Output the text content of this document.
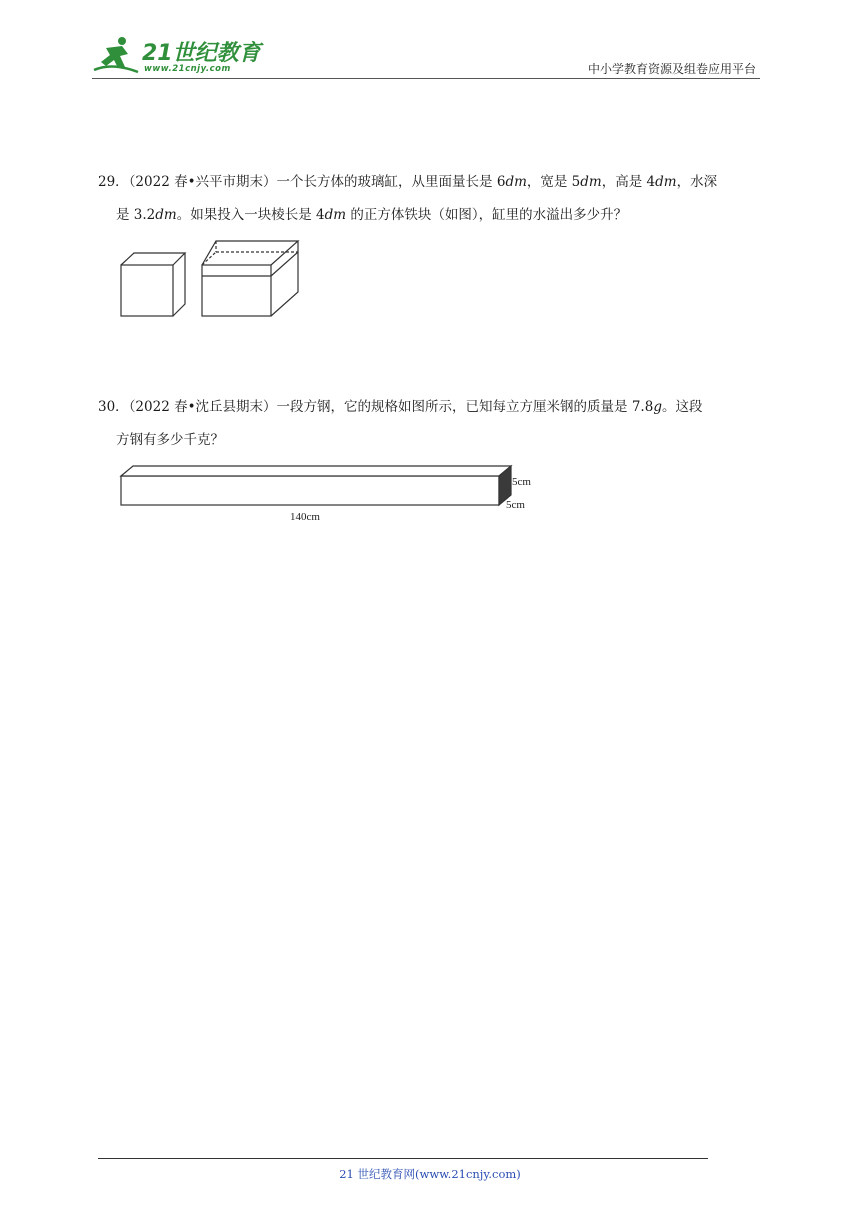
21世纪教育
www.21cnjy.com	中小学教育资源及组卷应用平台
29．（2022 春•兴平市期末）一个长方体的玻璃缸，从里面量长是 6dm，宽是 5dm，高是 4dm，水深
是 3.2dm。如果投入一块棱长是 4dm 的正方体铁块（如图），缸里的水溢出多少升？
30．（2022 春•沈丘县期末）一段方钢，它的规格如图所示，已知每立方厘米钢的质量是 7.8g。这段
方钢有多少千克？
5cm
5cm
140cm
21 世纪教育网(www.21cnjy.com)
